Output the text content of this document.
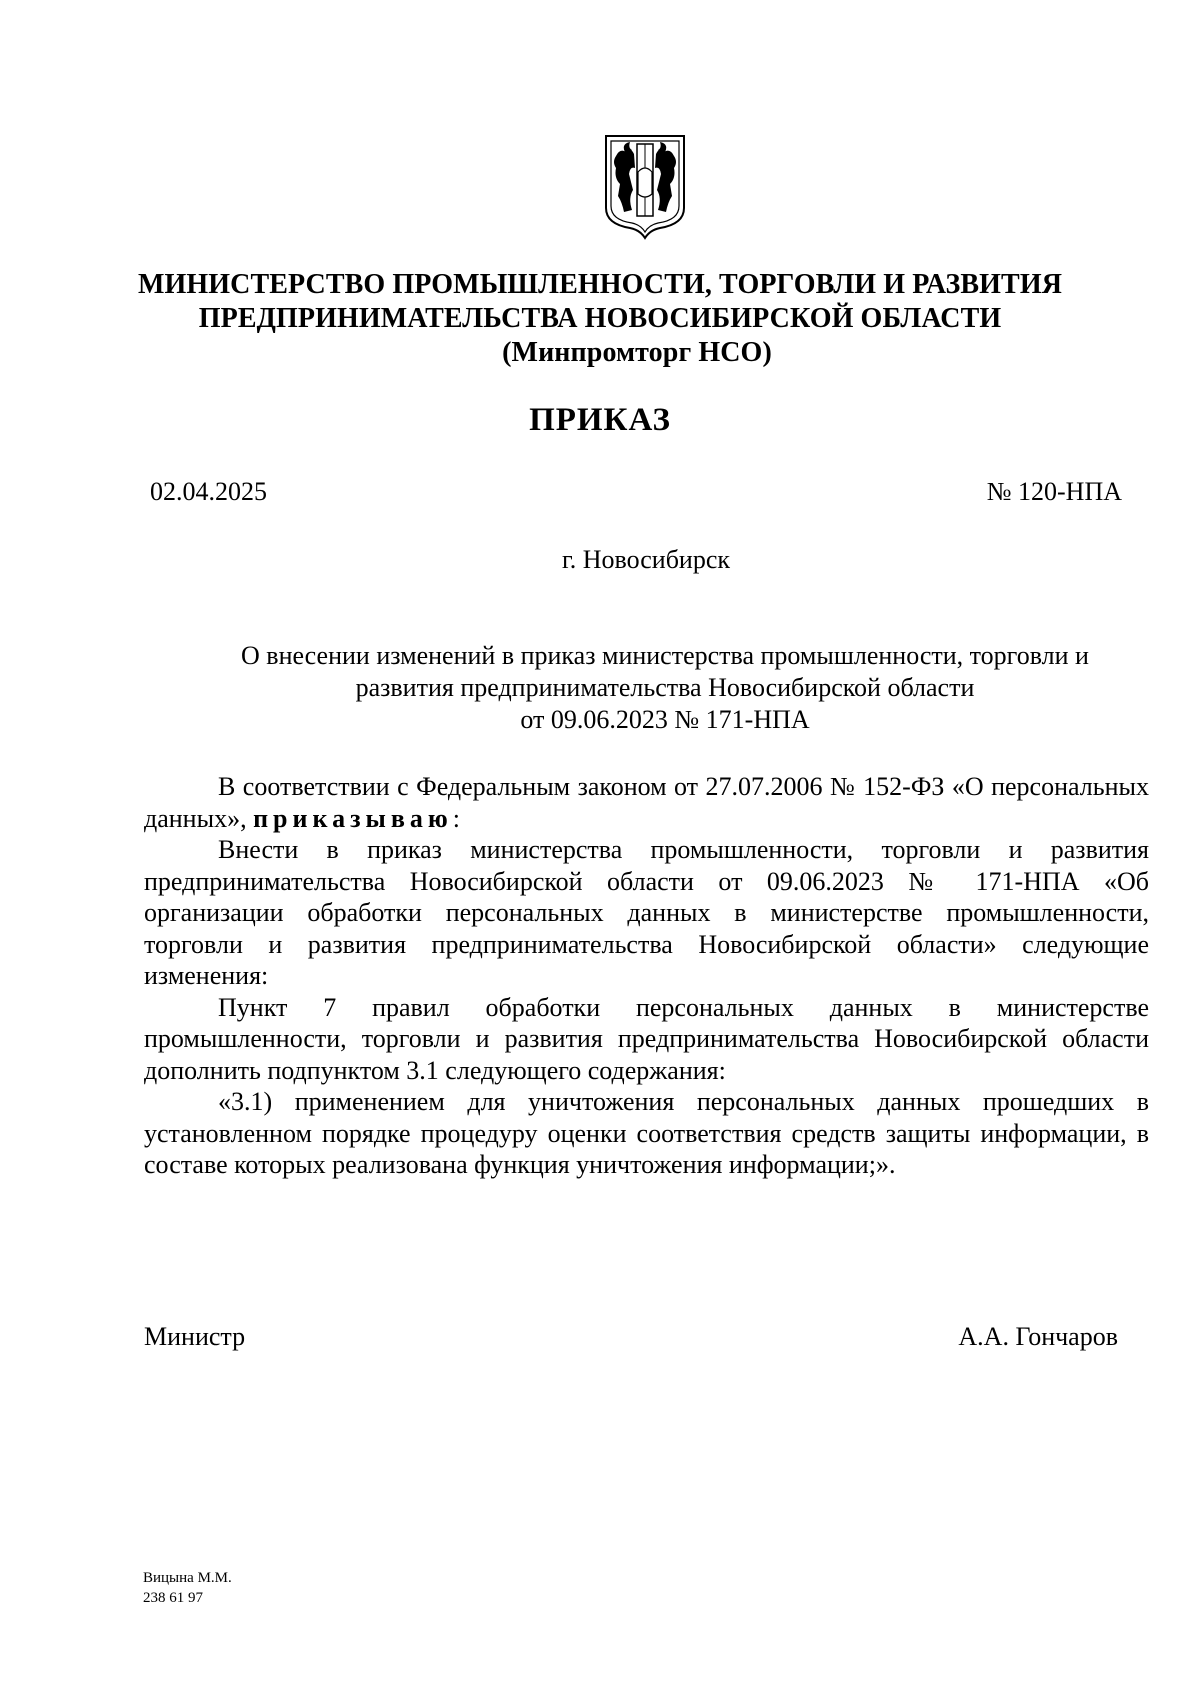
МИНИСТЕРСТВО ПРОМЫШЛЕННОСТИ, ТОРГОВЛИ И РАЗВИТИЯ
ПРЕДПРИНИМАТЕЛЬСТВА НОВОСИБИРСКОЙ ОБЛАСТИ
(Минпромторг НСО)
ПРИКАЗ
02.04.2025	№ 120-НПА
г. Новосибирск
О внесении изменений в приказ министерства промышленности, торговли и
развития предпринимательства Новосибирской области
от 09.06.2023 № 171-НПА

В соответствии с Федеральным законом от 27.07.2006 № 152-ФЗ «О персональных данных», приказываю:

Внести в приказ министерства промышленности, торговли и развития предпринимательства Новосибирской области от 09.06.2023 № 171-НПА «Об организации обработки персональных данных в министерстве промышленности, торговли и развития предпринимательства Новосибирской области» следующие изменения:

Пункт 7 правил обработки персональных данных в министерстве промышленности, торговли и развития предпринимательства Новосибирской области дополнить подпунктом 3.1 следующего содержания:

«3.1) применением для уничтожения персональных данных прошедших в установленном порядке процедуру оценки соответствия средств защиты информации, в составе которых реализована функция уничтожения информации;».

Министр	А.А. Гончаров
Вицына М.М.
238 61 97
